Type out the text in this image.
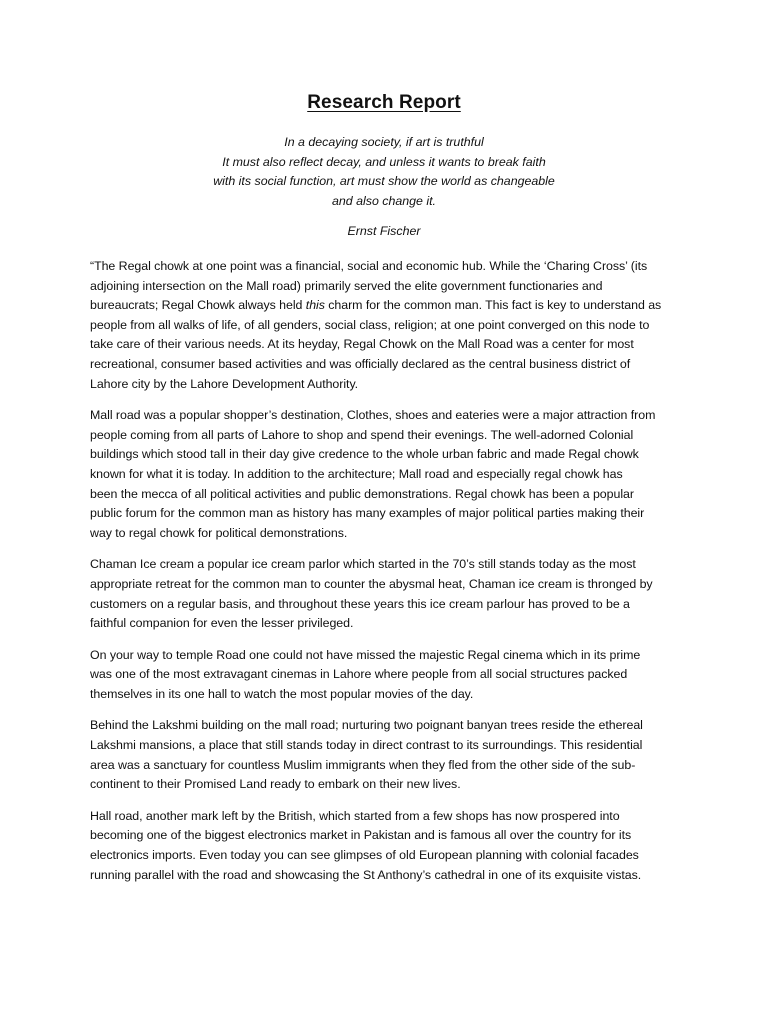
Research Report
In a decaying society, if art is truthful
It must also reflect decay, and unless it wants to break faith
with its social function, art must show the world as changeable
and also change it.
Ernst Fischer
“The Regal chowk at one point was a financial, social and economic hub. While the ‘Charing Cross’ (its
adjoining intersection on the Mall road) primarily served the elite government functionaries and
bureaucrats; Regal Chowk always held this charm for the common man. This fact is key to understand as
people from all walks of life, of all genders, social class, religion; at one point converged on this node to
take care of their various needs. At its heyday, Regal Chowk on the Mall Road was a center for most
recreational, consumer based activities and was officially declared as the central business district of
Lahore city by the Lahore Development Authority.
Mall road was a popular shopper’s destination, Clothes, shoes and eateries were a major attraction from
people coming from all parts of Lahore to shop and spend their evenings. The well-adorned Colonial
buildings which stood tall in their day give credence to the whole urban fabric and made Regal chowk
known for what it is today. In addition to the architecture; Mall road and especially regal chowk has
been the mecca of all political activities and public demonstrations. Regal chowk has been a popular
public forum for the common man as history has many examples of major political parties making their
way to regal chowk for political demonstrations.
Chaman Ice cream a popular ice cream parlor which started in the 70’s still stands today as the most
appropriate retreat for the common man to counter the abysmal heat, Chaman ice cream is thronged by
customers on a regular basis, and throughout these years this ice cream parlour has proved to be a
faithful companion for even the lesser privileged.
On your way to temple Road one could not have missed the majestic Regal cinema which in its prime
was one of the most extravagant cinemas in Lahore where people from all social structures packed
themselves in its one hall to watch the most popular movies of the day.
Behind the Lakshmi building on the mall road; nurturing two poignant banyan trees reside the ethereal
Lakshmi mansions, a place that still stands today in direct contrast to its surroundings. This residential
area was a sanctuary for countless Muslim immigrants when they fled from the other side of the sub-
continent to their Promised Land ready to embark on their new lives.
Hall road, another mark left by the British, which started from a few shops has now prospered into
becoming one of the biggest electronics market in Pakistan and is famous all over the country for its
electronics imports. Even today you can see glimpses of old European planning with colonial facades
running parallel with the road and showcasing the St Anthony’s cathedral in one of its exquisite vistas.
